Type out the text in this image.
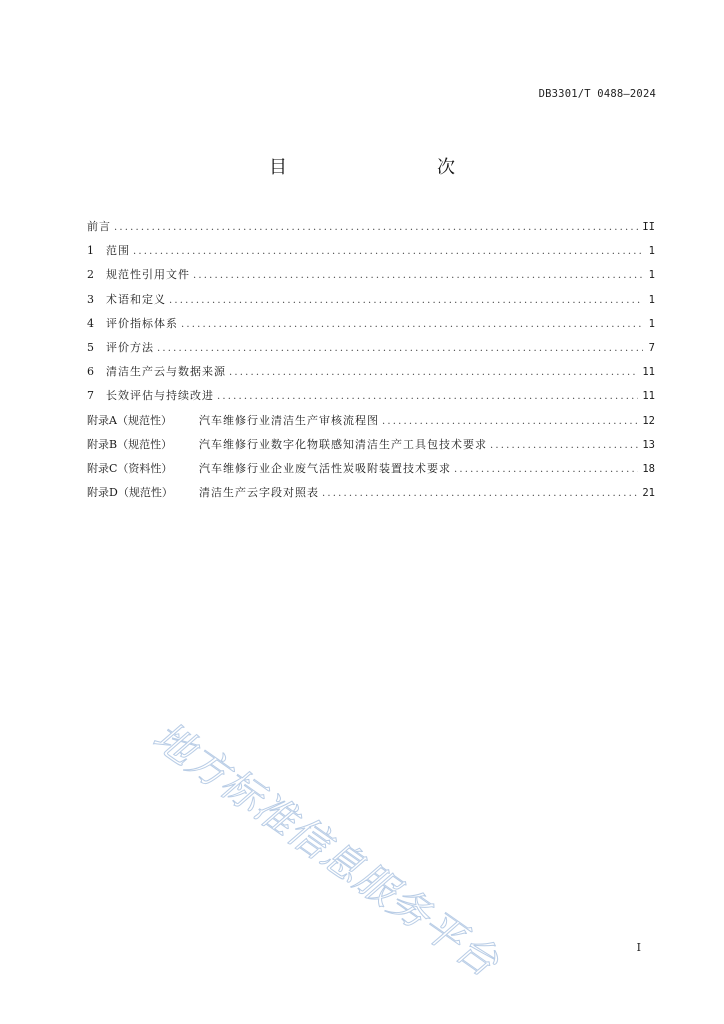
DB3301/T 0488—2024
目　　次
前言 .....	II
1	范围 .....	1
2	规范性引用文件 .....	1
3	术语和定义 .....	1
4	评价指标体系 .....	1
5	评价方法 .....	7
6	清洁生产云与数据来源 .....	11
7	长效评估与持续改进 .....	11
附录A（规范性）	汽车维修行业清洁生产审核流程图 .....	12
附录B（规范性）	汽车维修行业数字化物联感知清洁生产工具包技术要求 .....	13
附录C（资料性）	汽车维修行业企业废气活性炭吸附装置技术要求 .....	18
附录D（规范性）	清洁生产云字段对照表 .....	21
地方标准信息服务平台	I
